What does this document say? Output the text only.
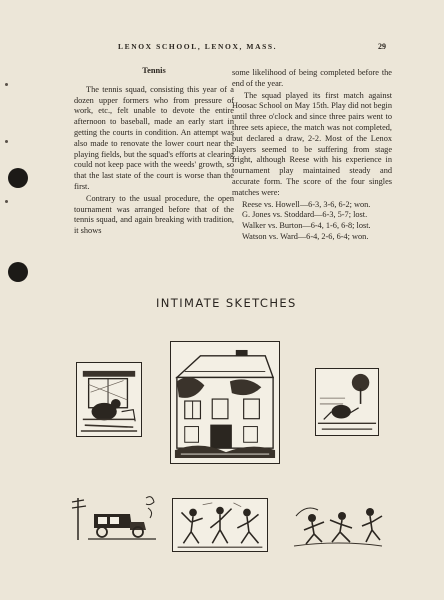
LENOX SCHOOL, LENOX, MASS.	29
Tennis

The tennis squad, consisting this year of a dozen upper formers who from pressure of work, etc., felt unable to devote the entire afternoon to baseball, made an early start in getting the courts in condition. An attempt was also made to renovate the lower court near the playing fields, but the squad's efforts at clearing could not keep pace with the weeds' growth, so that the last state of the court is worse than the first.

Contrary to the usual procedure, the open tournament was arranged before that of the tennis squad, and again breaking with tradition, it shows

some likelihood of being completed before the end of the year.

The squad played its first match against Hoosac School on May 15th. Play did not begin until three o'clock and since three pairs went to three sets apiece, the match was not completed, but declared a draw, 2-2. Most of the Lenox players seemed to be suffering from stage fright, although Reese with his experience in tournament play maintained steady and accurate form. The score of the four singles matches were:

Reese vs. Howell—6-3, 3-6, 6-2; won.
G. Jones vs. Stoddard—6-3, 5-7; lost.
Walker vs. Burton—6-4, 1-6, 6-8; lost.
Watson vs. Ward—6-4, 2-6, 6-4; won.
INTIMATE SKETCHES
